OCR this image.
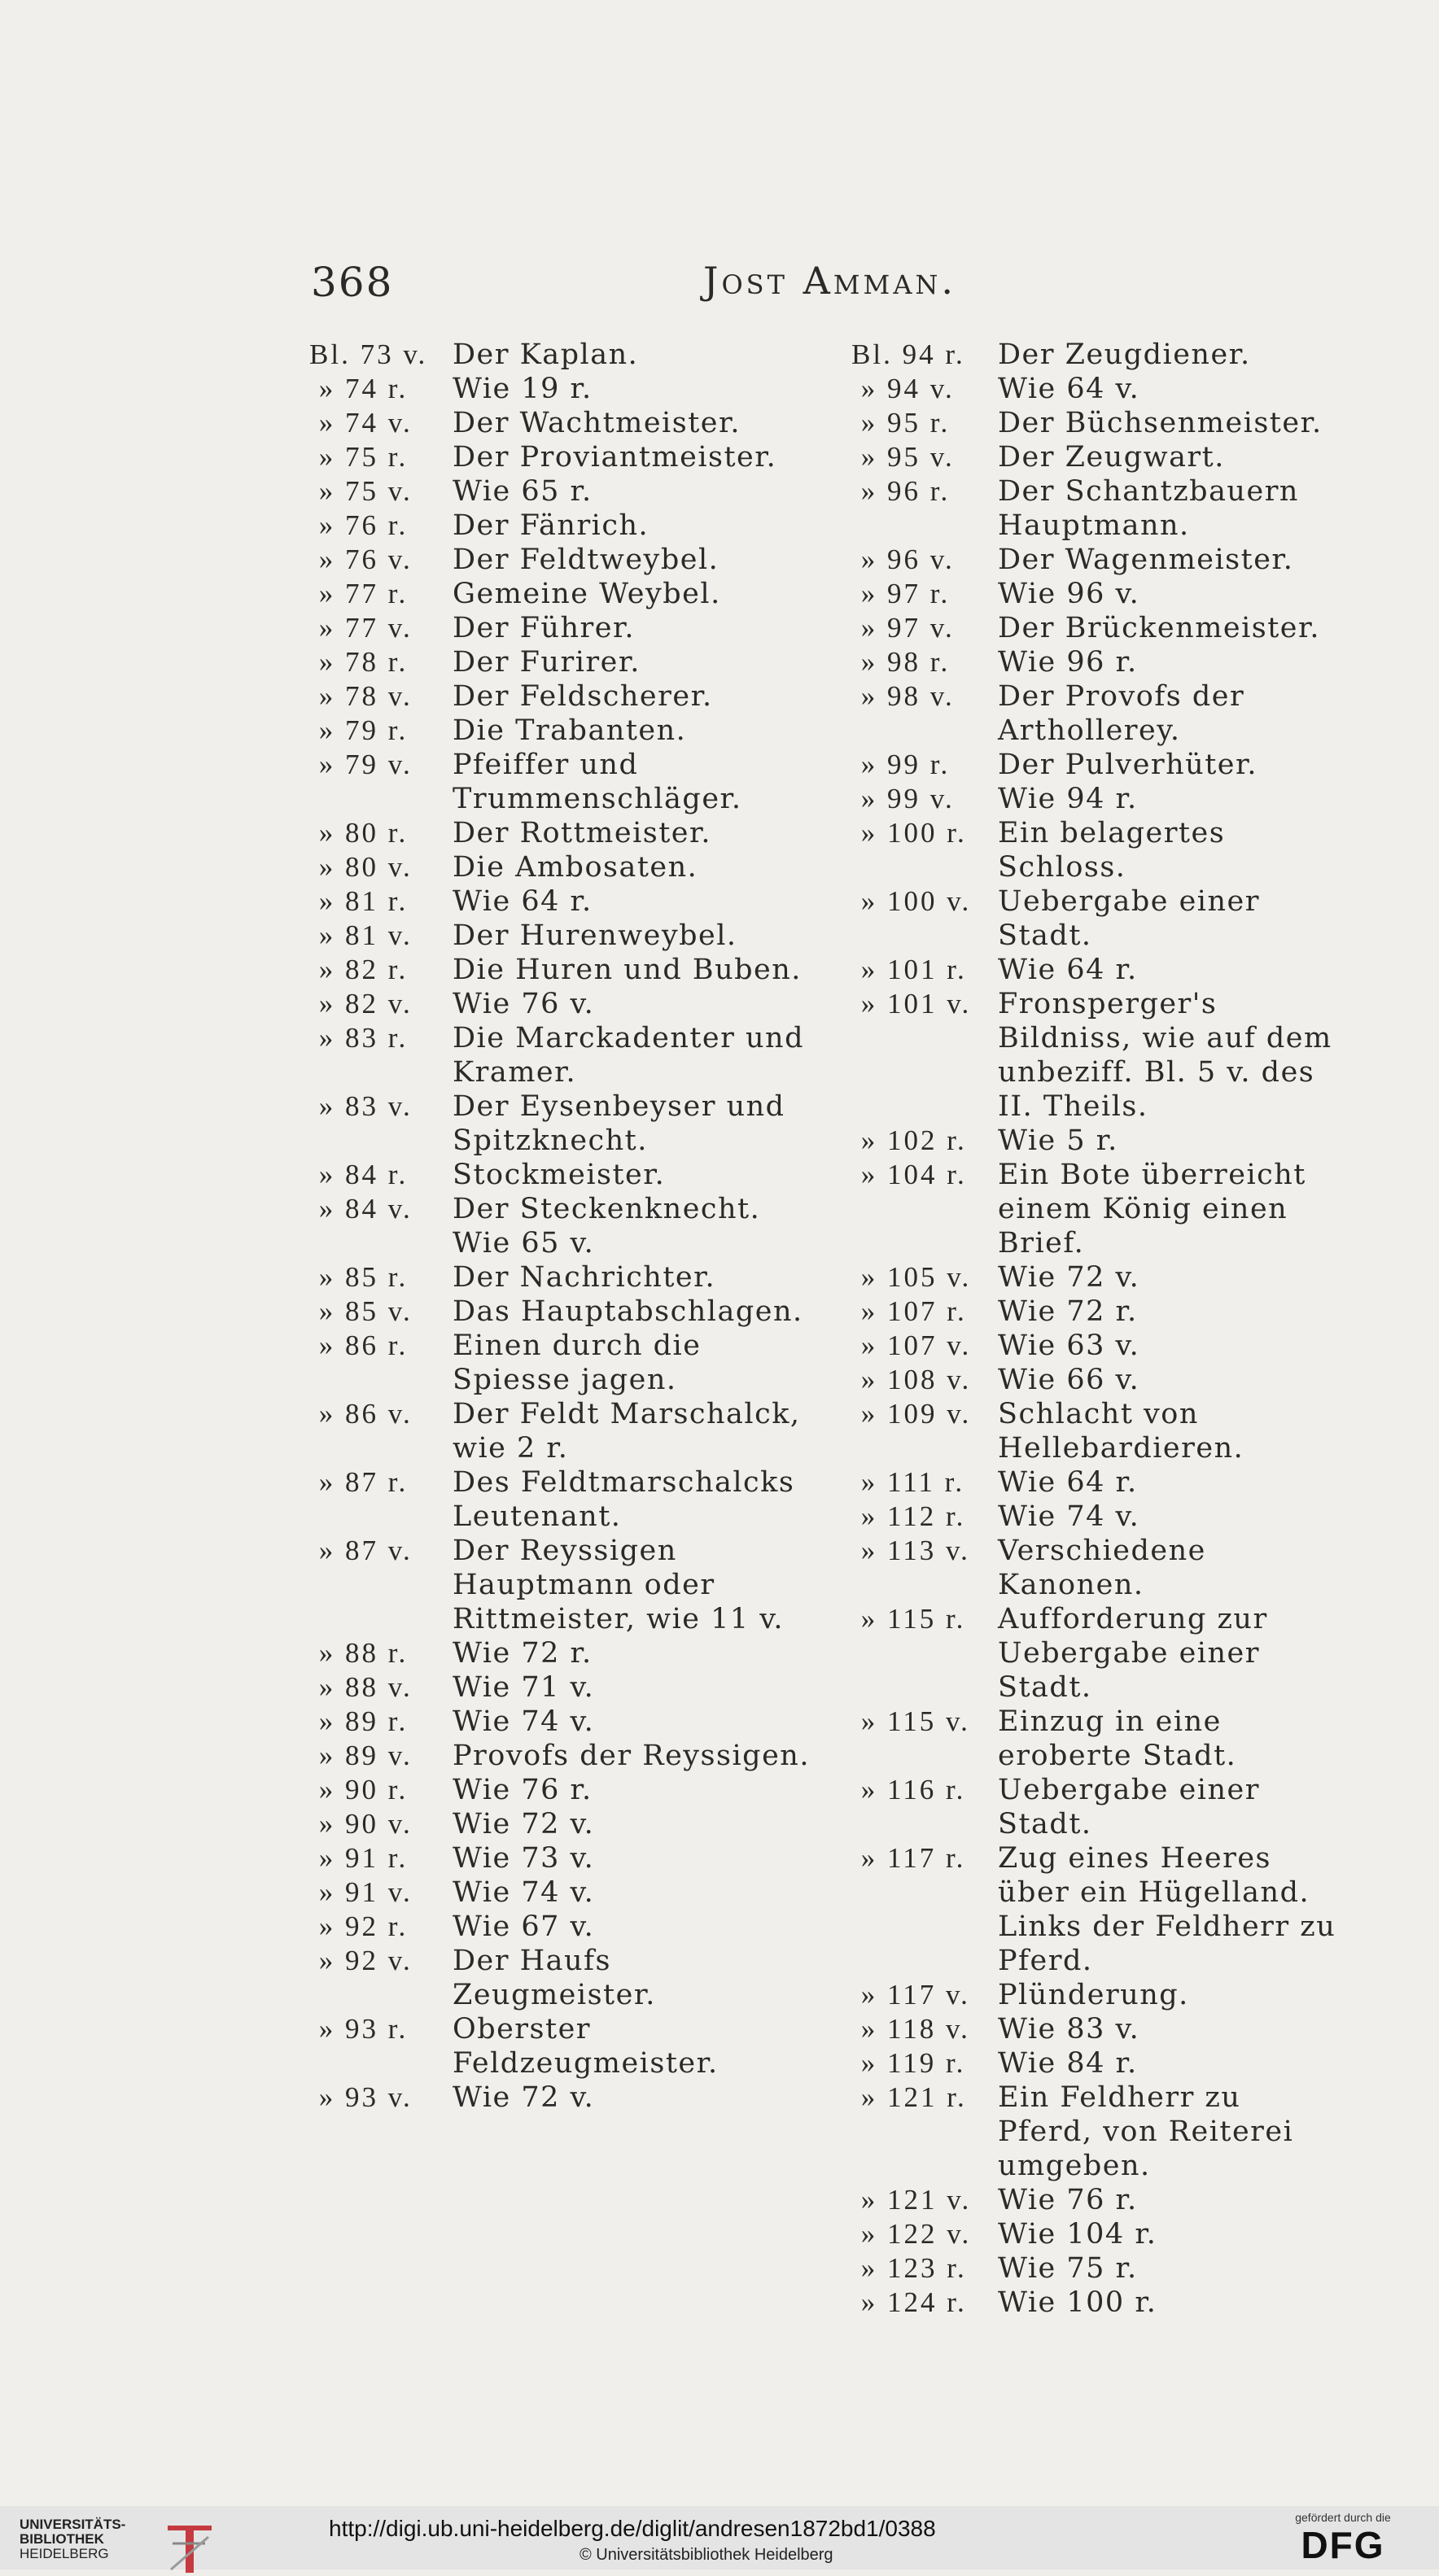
368	Jost Amman.
Bl. 73 v. Der Kaplan.
» 74 r.	Wie 19 r.
» 74 v.	Der Wachtmeister.
» 75 r.	Der Proviantmeister.
» 75 v.	Wie 65 r.
» 76 r.	Der Fänrich.
» 76 v.	Der Feldtweybel.
» 77 r.	Gemeine Weybel.
» 77 v.	Der Führer.
» 78 r.	Der Furirer.
» 78 v.	Der Feldscherer.
» 79 r.	Die Trabanten.
» 79 v.	Pfeiffer und Trummenschläger.
» 80 r.	Der Rottmeister.
» 80 v.	Die Ambosaten.
» 81 r.	Wie 64 r.
» 81 v.	Der Hurenweybel.
» 82 r.	Die Huren und Buben.
» 82 v.	Wie 76 v.
» 83 r.	Die Marckadenter und Kramer.
» 83 v.	Der Eysenbeyser und Spitzknecht.
» 84 r.	Stockmeister.
» 84 v.	Der Steckenknecht. Wie 65 v.
» 85 r.	Der Nachrichter.
» 85 v.	Das Hauptabschlagen.
» 86 r.	Einen durch die Spiesse jagen.
» 86 v.	Der Feldt Marschalck, wie 2 r.
» 87 r.	Des Feldtmarschalcks Leutenant.
» 87 v.	Der Reyssigen Hauptmann oder Rittmeister, wie 11 v.
» 88 r.	Wie 72 r.
» 88 v.	Wie 71 v.
» 89 r.	Wie 74 v.
» 89 v.	Provofs der Reyssigen.
» 90 r.	Wie 76 r.
» 90 v.	Wie 72 v.
» 91 r.	Wie 73 v.
» 91 v.	Wie 74 v.
» 92 r.	Wie 67 v.
» 92 v.	Der Haufs Zeugmeister.
» 93 r.	Oberster Feldzeugmeister.
» 93 v.	Wie 72 v.
Bl. 94 r.	Der Zeugdiener.
» 94 v.	Wie 64 v.
» 95 r.	Der Büchsenmeister.
» 95 v.	Der Zeugwart.
» 96 r.	Der Schantzbauern Hauptmann.
» 96 v.	Der Wagenmeister.
» 97 r.	Wie 96 v.
» 97 v.	Der Brückenmeister.
» 98 r.	Wie 96 r.
» 98 v.	Der Provofs der Arthollerey.
» 99 r.	Der Pulverhüter.
» 99 v.	Wie 94 r.
» 100 r.	Ein belagertes Schloss.
» 100 v. Uebergabe einer Stadt.
» 101 r.	Wie 64 r.
» 101 v. Fronsperger's Bildniss, wie auf dem unbeziff. Bl. 5 v. des II. Theils.
» 102 r.	Wie 5 r.
» 104 r.	Ein Bote überreicht einem König einen Brief.
» 105 v. Wie 72 v.
» 107 r.	Wie 72 r.
» 107 v. Wie 63 v.
» 108 v. Wie 66 v.
» 109 v. Schlacht von Hellebardieren.
» 111 r.	Wie 64 r.
» 112 r.	Wie 74 v.
» 113 v. Verschiedene Kanonen.
» 115 r.	Aufforderung zur Uebergabe einer Stadt.
» 115 v. Einzug in eine eroberte Stadt.
» 116 r.	Uebergabe einer Stadt.
» 117 r.	Zug eines Heeres über ein Hügelland. Links der Feldherr zu Pferd.
» 117 v. Plünderung.
» 118 v. Wie 83 v.
» 119 r.	Wie 84 r.
» 121 r.	Ein Feldherr zu Pferd, von Reiterei umgeben.
» 121 v. Wie 76 r.
» 122 v. Wie 104 r.
» 123 r.	Wie 75 r.
» 124 r.	Wie 100 r.
UNIVERSITÄTS-
BIBLIOTHEK
HEIDELBERG
http://digi.ub.uni-heidelberg.de/diglit/andresen1872bd1/0388
© Universitätsbibliothek Heidelberg
gefördert durch die
DFG
